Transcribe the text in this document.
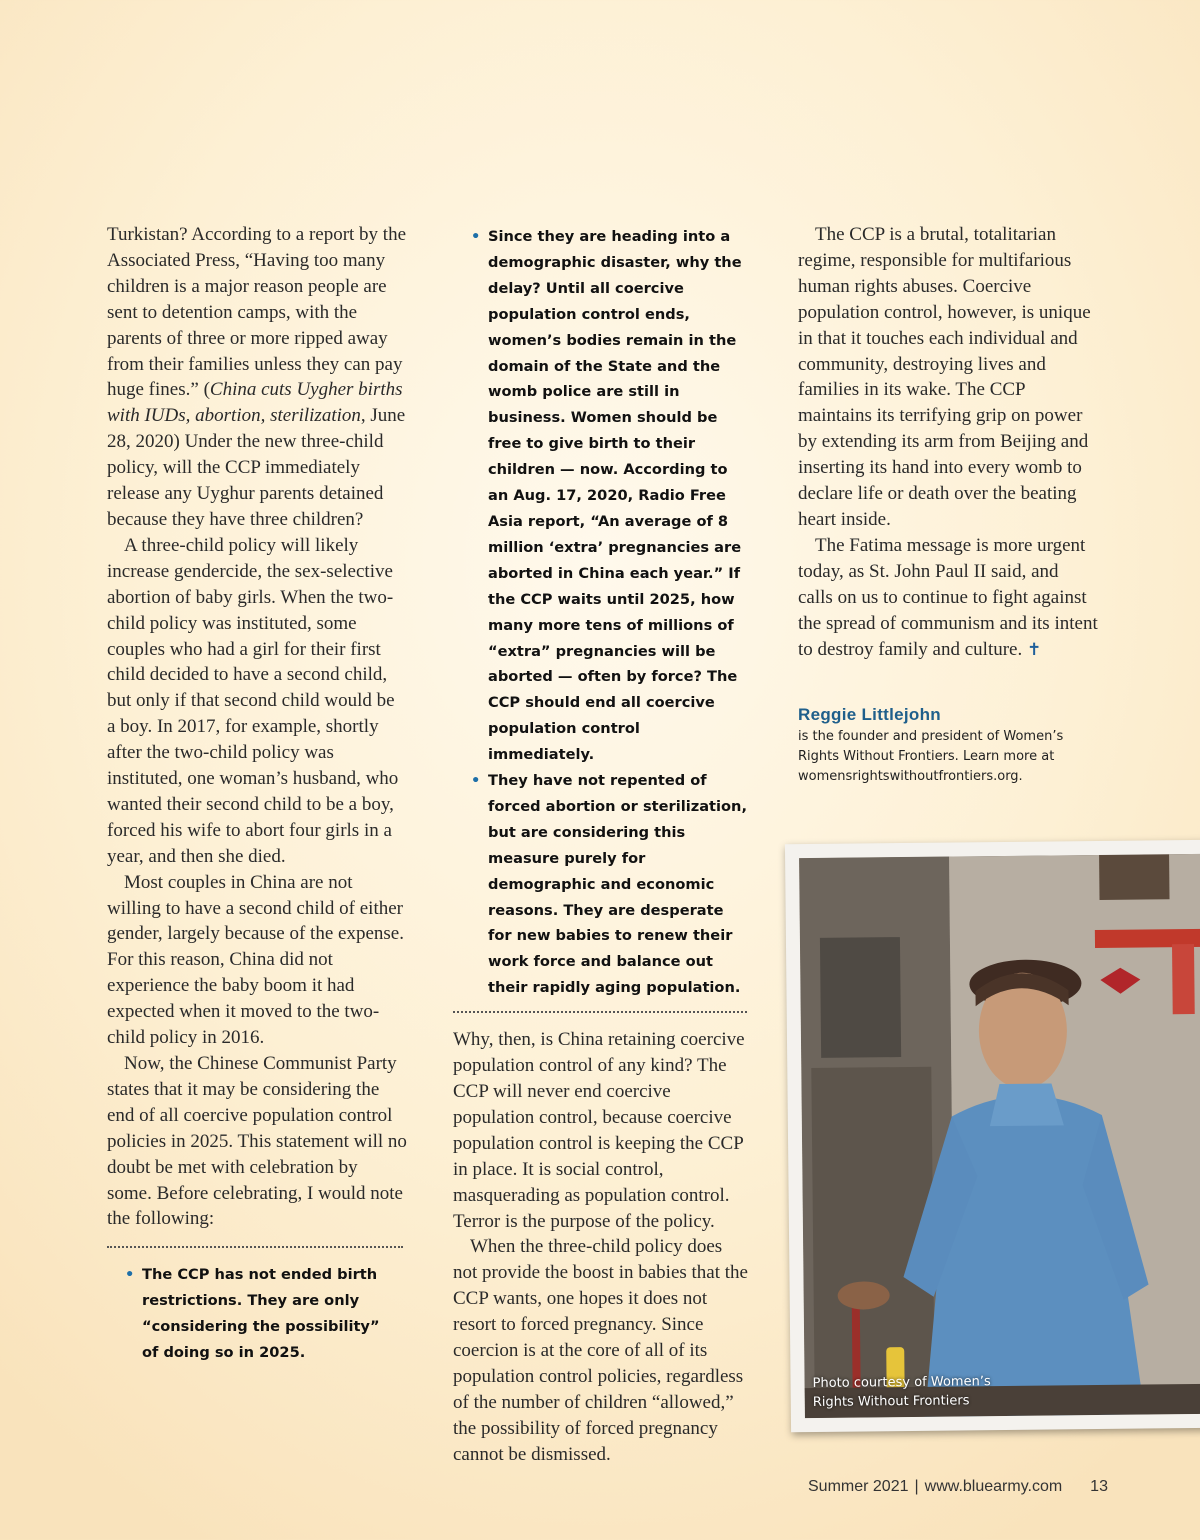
Turkistan? According to a report by the Associated Press, “Having too many children is a major reason people are sent to detention camps, with the parents of three or more ripped away from their families unless they can pay huge fines.” (China cuts Uygher births with IUDs, abortion, sterilization, June 28, 2020) Under the new three-child policy, will the CCP immediately release any Uyghur parents detained because they have three children?

A three-child policy will likely increase gendercide, the sex-selective abortion of baby girls. When the two-child policy was instituted, some couples who had a girl for their first child decided to have a second child, but only if that second child would be a boy. In 2017, for example, shortly after the two-child policy was instituted, one woman’s husband, who wanted their second child to be a boy, forced his wife to abort four girls in a year, and then she died.

Most couples in China are not willing to have a second child of either gender, largely because of the expense. For this reason, China did not experience the baby boom it had expected when it moved to the two-child policy in 2016.

Now, the Chinese Communist Party states that it may be considering the end of all coercive population control policies in 2025. This statement will no doubt be met with celebration by some. Before celebrating, I would note the following:

• The CCP has not ended birth restrictions. They are only “considering the possibility” of doing so in 2025.
• Since they are heading into a demographic disaster, why the delay? Until all coercive population control ends, women’s bodies remain in the domain of the State and the womb police are still in business. Women should be free to give birth to their children — now. According to an Aug. 17, 2020, Radio Free Asia report, “An average of 8 million ‘extra’ pregnancies are aborted in China each year.” If the CCP waits until 2025, how many more tens of millions of “extra” pregnancies will be aborted — often by force? The CCP should end all coercive population control immediately.
• They have not repented of forced abortion or sterilization, but are considering this measure purely for demographic and economic reasons. They are desperate for new babies to renew their work force and balance out their rapidly aging population.

Why, then, is China retaining coercive population control of any kind? The CCP will never end coercive population control, because coercive population control is keeping the CCP in place. It is social control, masquerading as population control. Terror is the purpose of the policy.

When the three-child policy does not provide the boost in babies that the CCP wants, one hopes it does not resort to forced pregnancy. Since coercion is at the core of all of its population control policies, regardless of the number of children “allowed,” the possibility of forced pregnancy cannot be dismissed.

The CCP is a brutal, totalitarian regime, responsible for multifarious human rights abuses. Coercive population control, however, is unique in that it touches each individual and community, destroying lives and families in its wake. The CCP maintains its terrifying grip on power by extending its arm from Beijing and inserting its hand into every womb to declare life or death over the beating heart inside.

The Fatima message is more urgent today, as St. John Paul II said, and calls on us to continue to fight against the spread of communism and its intent to destroy family and culture. ✝

Reggie Littlejohn
is the founder and president of Women’s Rights Without Frontiers. Learn more at womensrightswithoutfrontiers.org.
Photo courtesy of Women’s
Rights Without Frontiers
Summer 2021 | www.bluearmy.com 13
